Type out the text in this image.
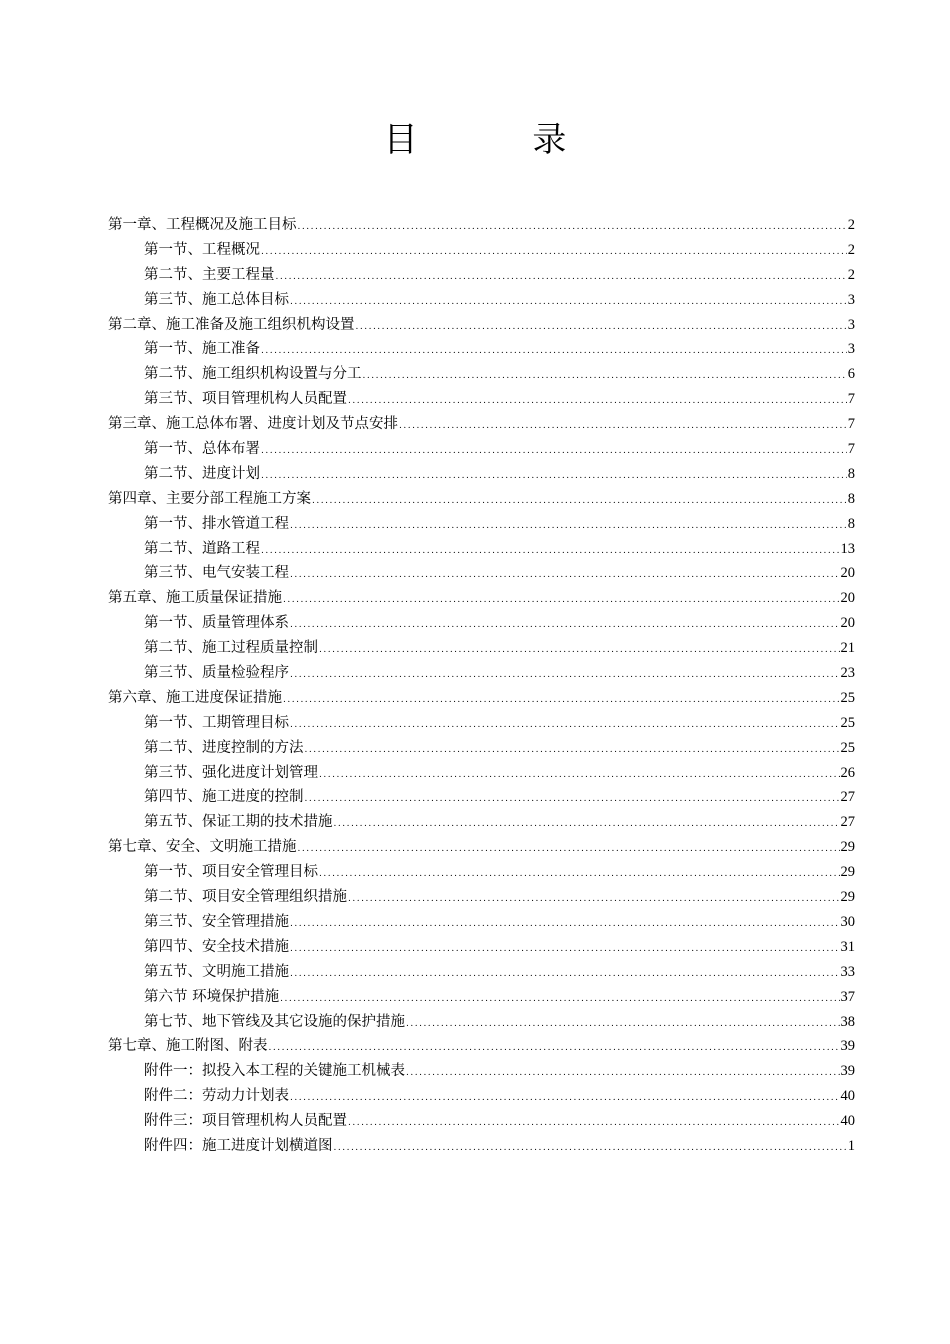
目 录
第一章、工程概况及施工目标 .....	2
第一节、工程概况 .....	2
第二节、主要工程量 .....	2
第三节、施工总体目标 .....	3
第二章、施工准备及施工组织机构设置 .....	3
第一节、施工准备 .....	3
第二节、施工组织机构设置与分工 .....	6
第三节、项目管理机构人员配置 .....	7
第三章、施工总体布署、进度计划及节点安排 .....	7
第一节、总体布署 .....	7
第二节、进度计划 .....	8
第四章、主要分部工程施工方案 .....	8
第一节、排水管道工程 .....	8
第二节、道路工程 .....	13
第三节、电气安装工程 .....	20
第五章、施工质量保证措施 .....	20
第一节、质量管理体系 .....	20
第二节、施工过程质量控制 .....	21
第三节、质量检验程序 .....	23
第六章、施工进度保证措施 .....	25
第一节、工期管理目标 .....	25
第二节、进度控制的方法 .....	25
第三节、强化进度计划管理 .....	26
第四节、施工进度的控制 .....	27
第五节、保证工期的技术措施 .....	27
第七章、安全、文明施工措施 .....	29
第一节、项目安全管理目标 .....	29
第二节、项目安全管理组织措施 .....	29
第三节、安全管理措施 .....	30
第四节、安全技术措施 .....	31
第五节、文明施工措施 .....	33
第六节 环境保护措施 .....	37
第七节、地下管线及其它设施的保护措施 .....	38
第七章、施工附图、附表 .....	39
附件一：拟投入本工程的关键施工机械表 .....	39
附件二：劳动力计划表 .....	40
附件三：项目管理机构人员配置 .....	40
附件四：施工进度计划横道图 .....	1
